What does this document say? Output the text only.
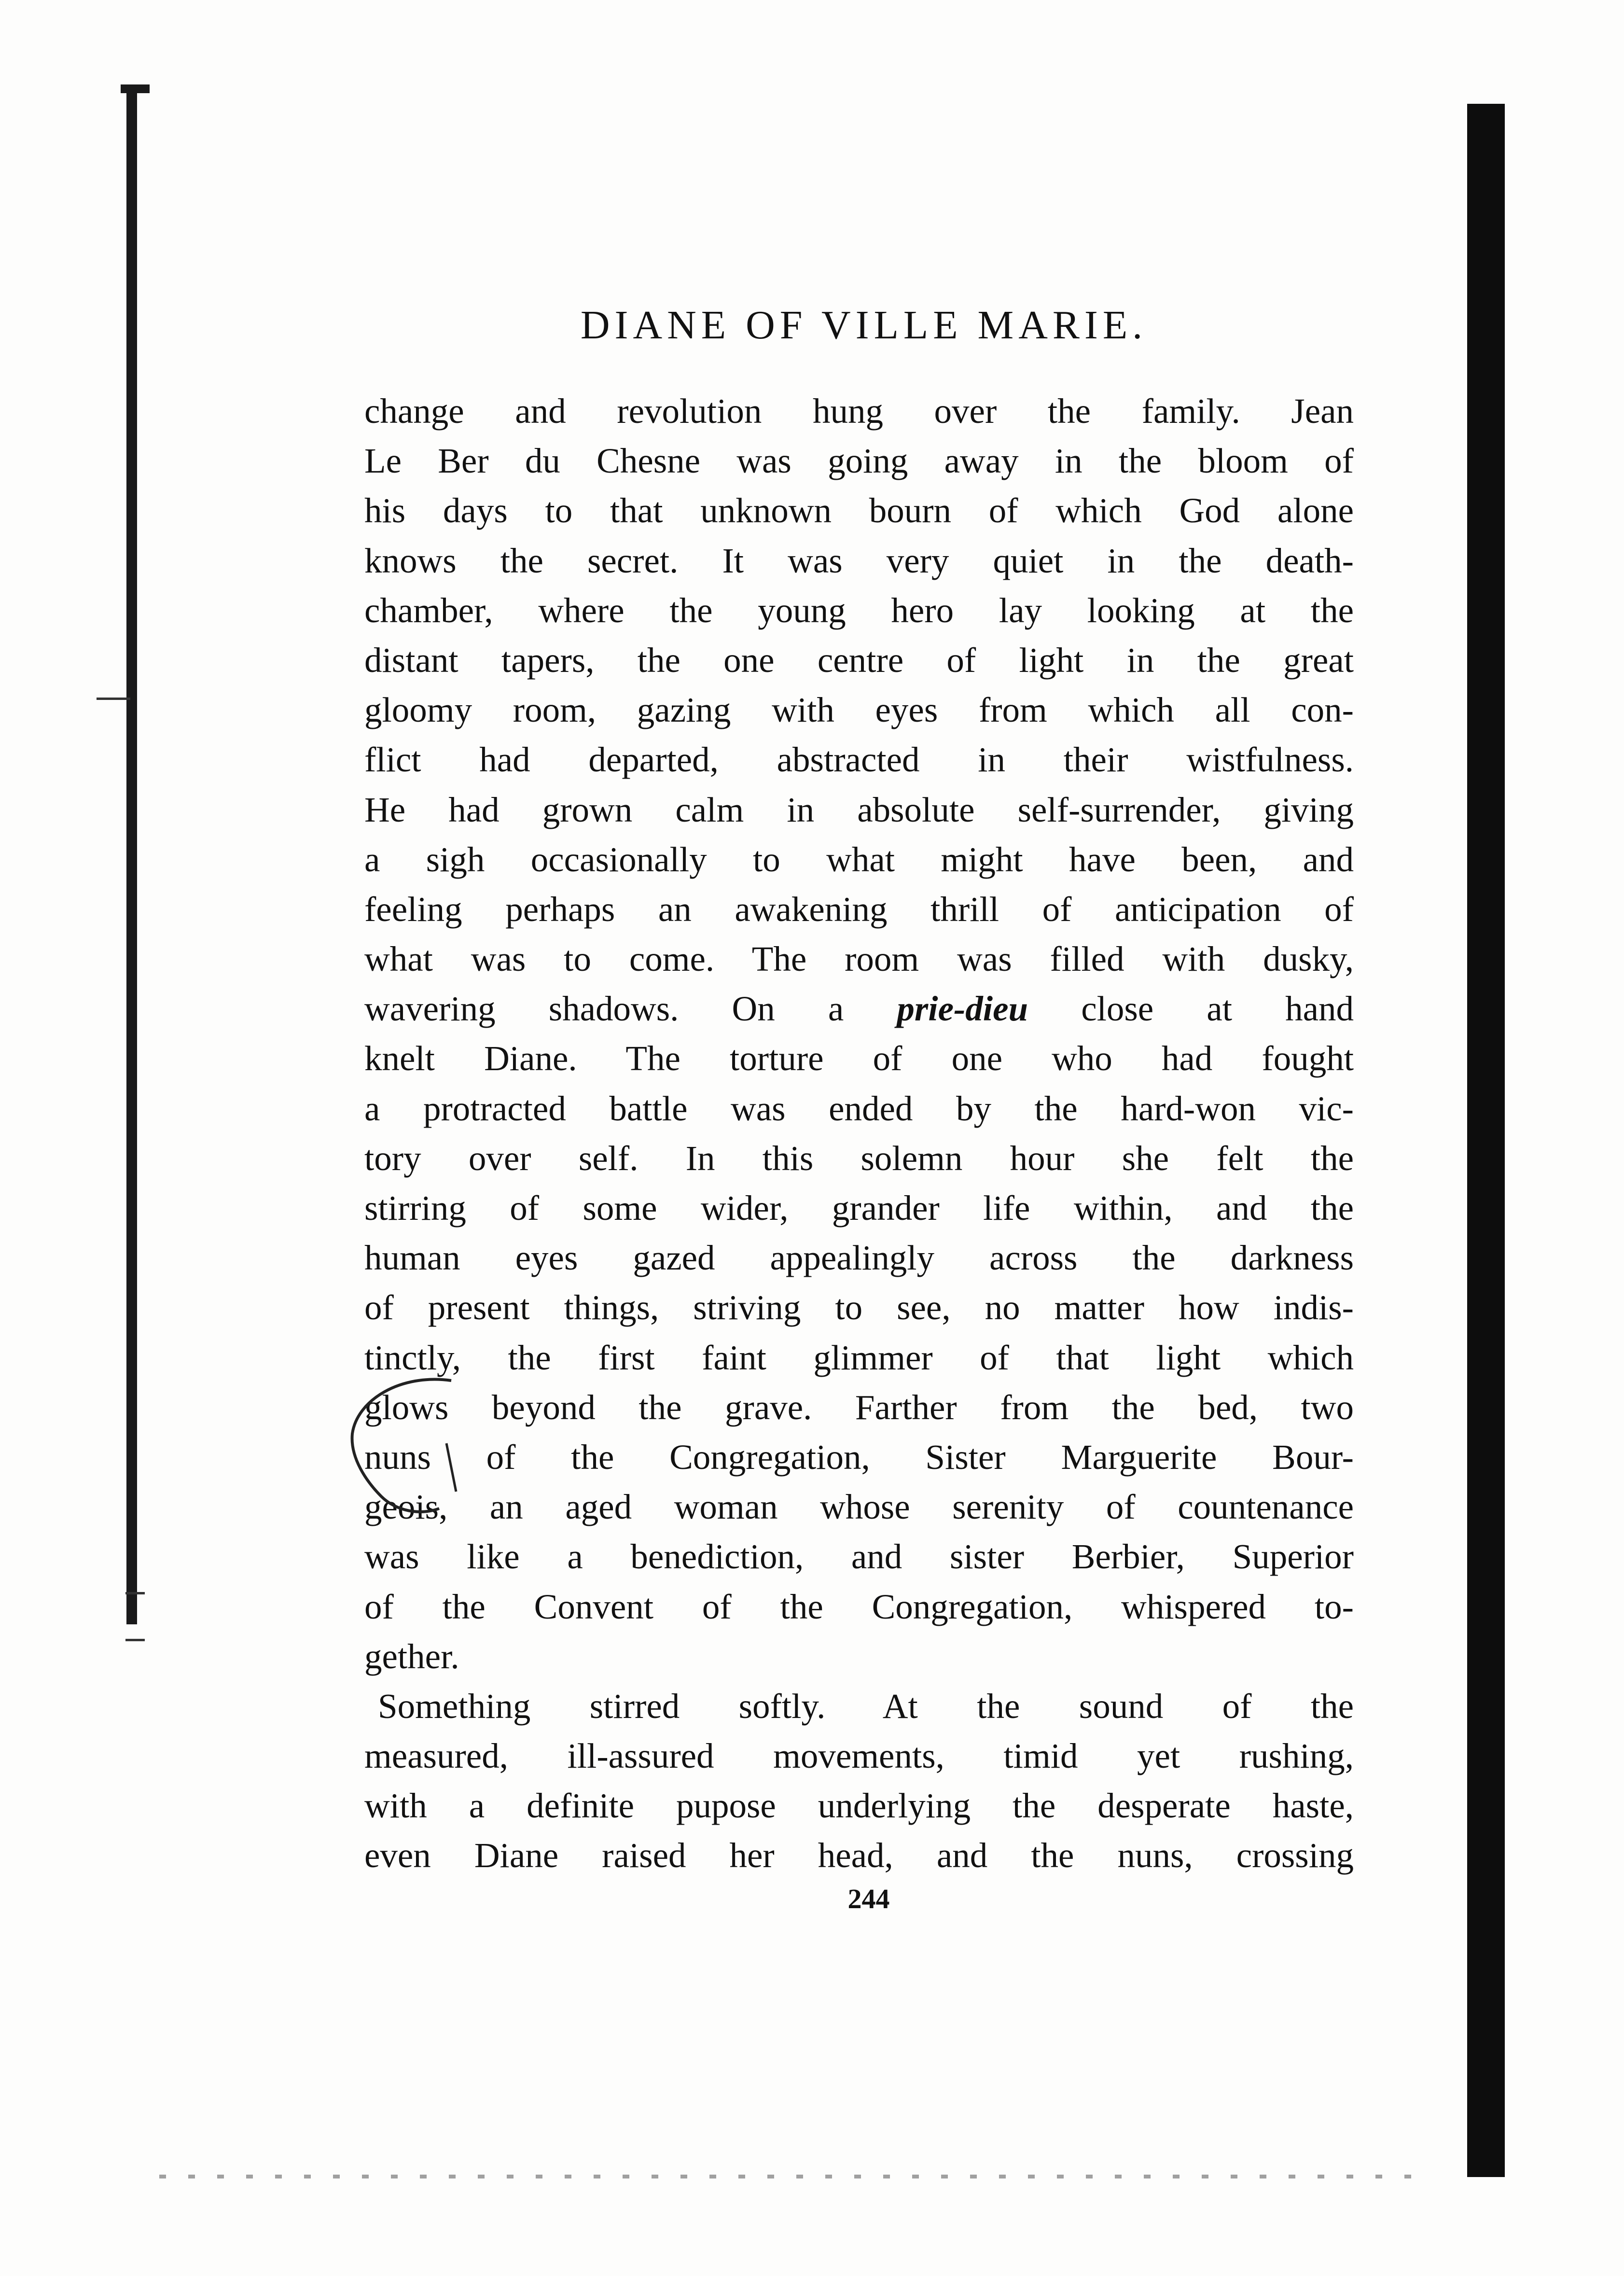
DIANE OF VILLE MARIE.
change and revolution hung over the family. Jean
Le Ber du Chesne was going away in the bloom of
his days to that unknown bourn of which God alone
knows the secret. It was very quiet in the death-
chamber, where the young hero lay looking at the
distant tapers, the one centre of light in the great
gloomy room, gazing with eyes from which all con-
flict had departed, abstracted in their wistfulness.
He had grown calm in absolute self-surrender, giving
a sigh occasionally to what might have been, and
feeling perhaps an awakening thrill of anticipation of
what was to come. The room was filled with dusky,
wavering shadows. On a prie-dieu close at hand
knelt Diane. The torture of one who had fought
a protracted battle was ended by the hard-won vic-
tory over self. In this solemn hour she felt the
stirring of some wider, grander life within, and the
human eyes gazed appealingly across the darkness
of present things, striving to see, no matter how indis-
tinctly, the first faint glimmer of that light which
glows beyond the grave. Farther from the bed, two
nuns of the Congregation, Sister Marguerite Bour-
geois, an aged woman whose serenity of countenance
was like a benediction, and sister Berbier, Superior
of the Convent of the Congregation, whispered to-
gether.
Something stirred softly. At the sound of the
measured, ill-assured movements, timid yet rushing,
with a definite pupose underlying the desperate haste,
even Diane raised her head, and the nuns, crossing
244
